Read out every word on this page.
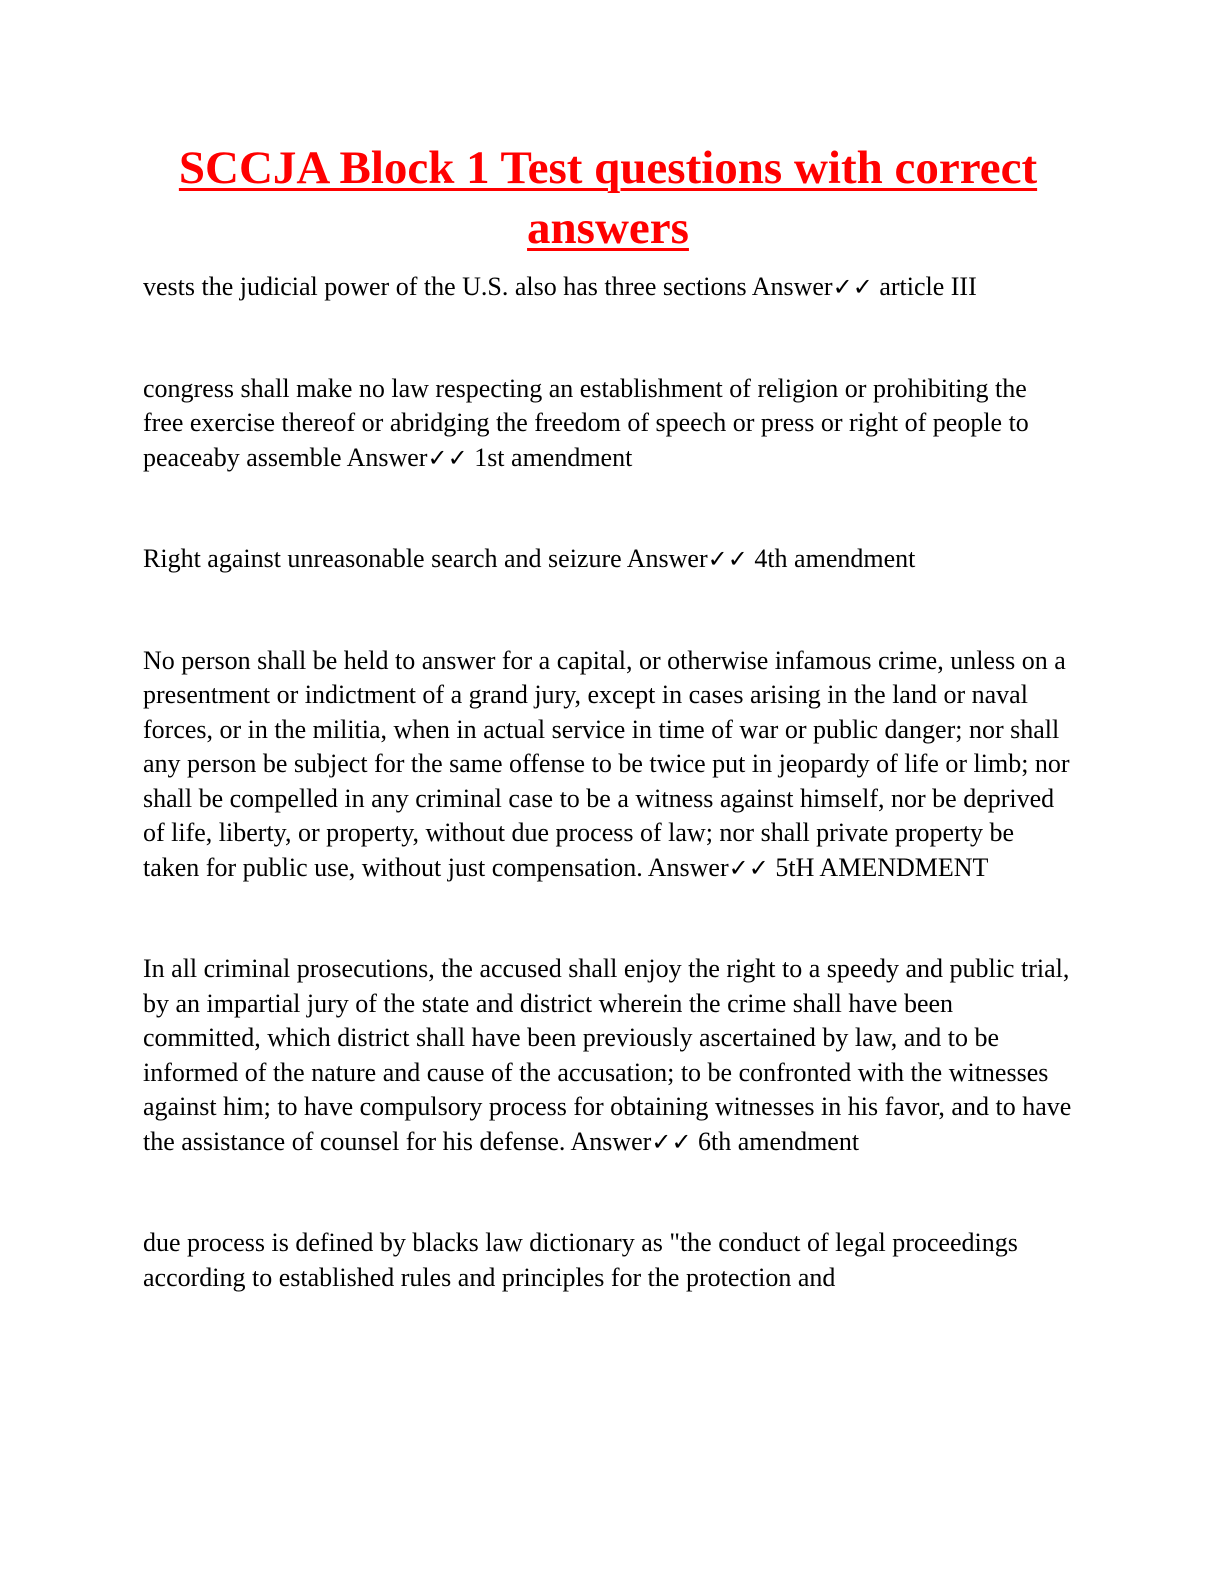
SCCJA Block 1 Test questions with correct answers

vests the judicial power of the U.S. also has three sections Answer✓✓ article III

congress shall make no law respecting an establishment of religion or prohibiting the free exercise thereof or abridging the freedom of speech or press or right of people to peaceaby assemble Answer✓✓ 1st amendment

Right against unreasonable search and seizure Answer✓✓ 4th amendment

No person shall be held to answer for a capital, or otherwise infamous crime, unless on a presentment or indictment of a grand jury, except in cases arising in the land or naval forces, or in the militia, when in actual service in time of war or public danger; nor shall any person be subject for the same offense to be twice put in jeopardy of life or limb; nor shall be compelled in any criminal case to be a witness against himself, nor be deprived of life, liberty, or property, without due process of law; nor shall private property be taken for public use, without just compensation. Answer✓✓ 5tH AMENDMENT

In all criminal prosecutions, the accused shall enjoy the right to a speedy and public trial, by an impartial jury of the state and district wherein the crime shall have been committed, which district shall have been previously ascertained by law, and to be informed of the nature and cause of the accusation; to be confronted with the witnesses against him; to have compulsory process for obtaining witnesses in his favor, and to have the assistance of counsel for his defense. Answer✓✓ 6th amendment

due process is defined by blacks law dictionary as "the conduct of legal proceedings according to established rules and principles for the protection and
